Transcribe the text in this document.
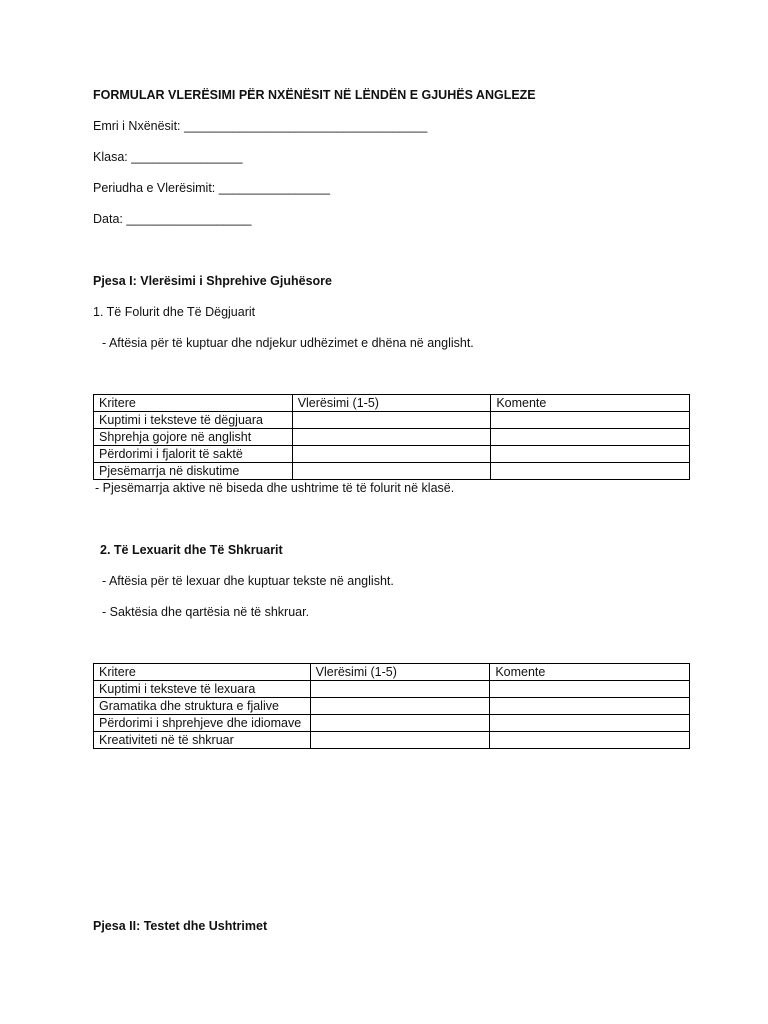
FORMULAR VLERËSIMI PËR NXËNËSIT NË LËNDËN E GJUHËS ANGLEZE
Emri i Nxënësit: ___________________________________
Klasa: ________________
Periudha e Vlerësimit: ________________
Data: __________________
Pjesa I: Vlerësimi i Shprehive Gjuhësore
1. Të Folurit dhe Të Dëgjuarit
- Aftësia për të kuptuar dhe ndjekur udhëzimet e dhëna në anglisht.
Kritere	Vlerësimi (1-5)	Komente
Kuptimi i teksteve të dëgjuara		
Shprehja gojore në anglisht		
Përdorimi i fjalorit të saktë		
Pjesëmarrja në diskutime		
- Pjesëmarrja aktive në biseda dhe ushtrime të të folurit në klasë.
2. Të Lexuarit dhe Të Shkruarit
- Aftësia për të lexuar dhe kuptuar tekste në anglisht.
- Saktësia dhe qartësia në të shkruar.
Kritere	Vlerësimi (1-5)	Komente
Kuptimi i teksteve të lexuara		
Gramatika dhe struktura e fjalive		
Përdorimi i shprehjeve dhe idiomave		
Kreativiteti në të shkruar		
Pjesa II: Testet dhe Ushtrimet
